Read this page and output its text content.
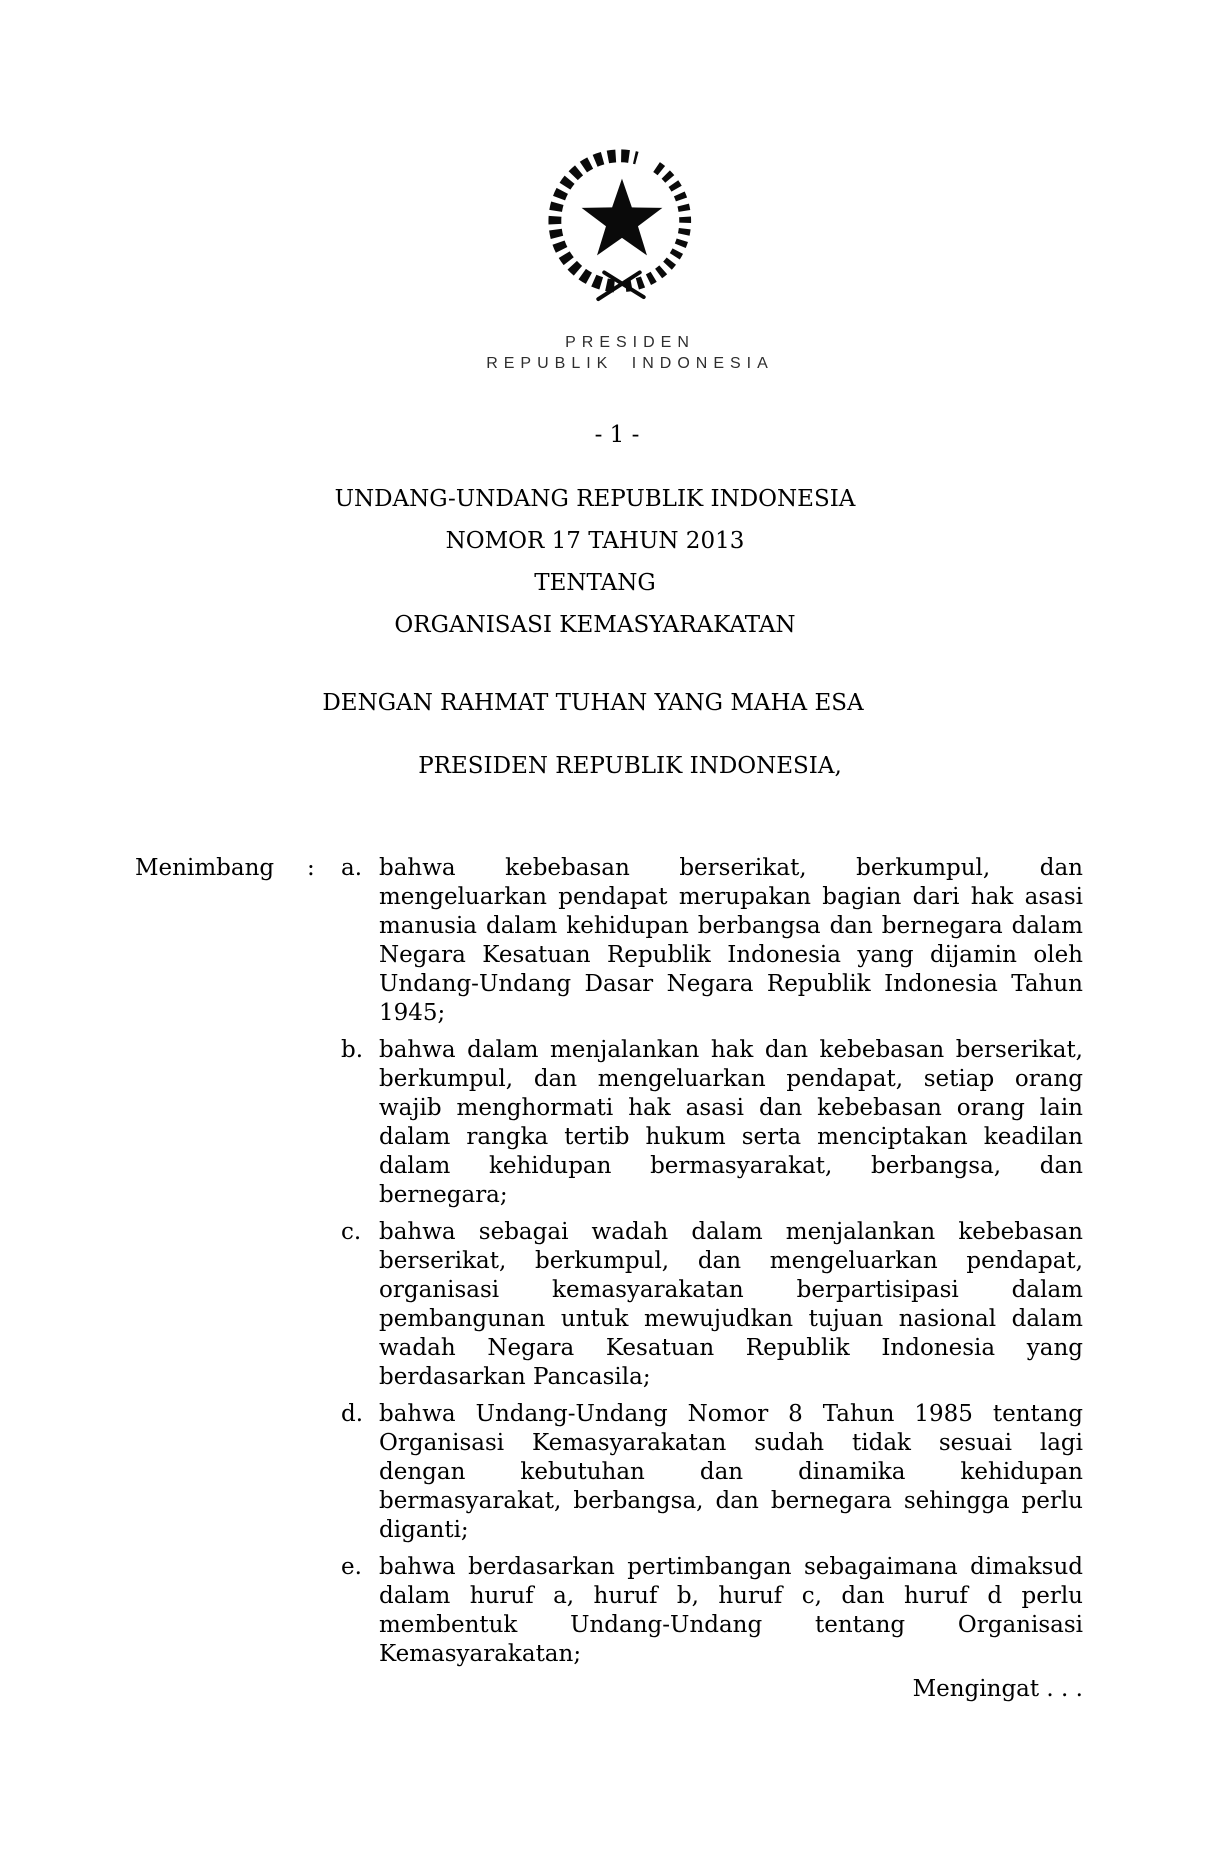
PRESIDEN
REPUBLIK INDONESIA
- 1 -
UNDANG-UNDANG REPUBLIK INDONESIA
NOMOR 17 TAHUN 2013
TENTANG
ORGANISASI KEMASYARAKATAN
DENGAN RAHMAT TUHAN YANG MAHA ESA
PRESIDEN REPUBLIK INDONESIA,
Menimbang	:	a. bahwa kebebasan berserikat, berkumpul, dan
mengeluarkan pendapat merupakan bagian dari hak asasi
manusia dalam kehidupan berbangsa dan bernegara dalam
Negara Kesatuan Republik Indonesia yang dijamin oleh
Undang-Undang Dasar Negara Republik Indonesia Tahun
1945;
b. bahwa dalam menjalankan hak dan kebebasan berserikat,
berkumpul, dan mengeluarkan pendapat, setiap orang
wajib menghormati hak asasi dan kebebasan orang lain
dalam rangka tertib hukum serta menciptakan keadilan
dalam kehidupan bermasyarakat, berbangsa, dan
bernegara;
c. bahwa sebagai wadah dalam menjalankan kebebasan
berserikat, berkumpul, dan mengeluarkan pendapat,
organisasi kemasyarakatan berpartisipasi dalam
pembangunan untuk mewujudkan tujuan nasional dalam
wadah Negara Kesatuan Republik Indonesia yang
berdasarkan Pancasila;
d. bahwa Undang-Undang Nomor 8 Tahun 1985 tentang
Organisasi Kemasyarakatan sudah tidak sesuai lagi
dengan kebutuhan dan dinamika kehidupan
bermasyarakat, berbangsa, dan bernegara sehingga perlu
diganti;
e. bahwa berdasarkan pertimbangan sebagaimana dimaksud
dalam huruf a, huruf b, huruf c, dan huruf d perlu
membentuk Undang-Undang tentang Organisasi
Kemasyarakatan;
Mengingat . . .
